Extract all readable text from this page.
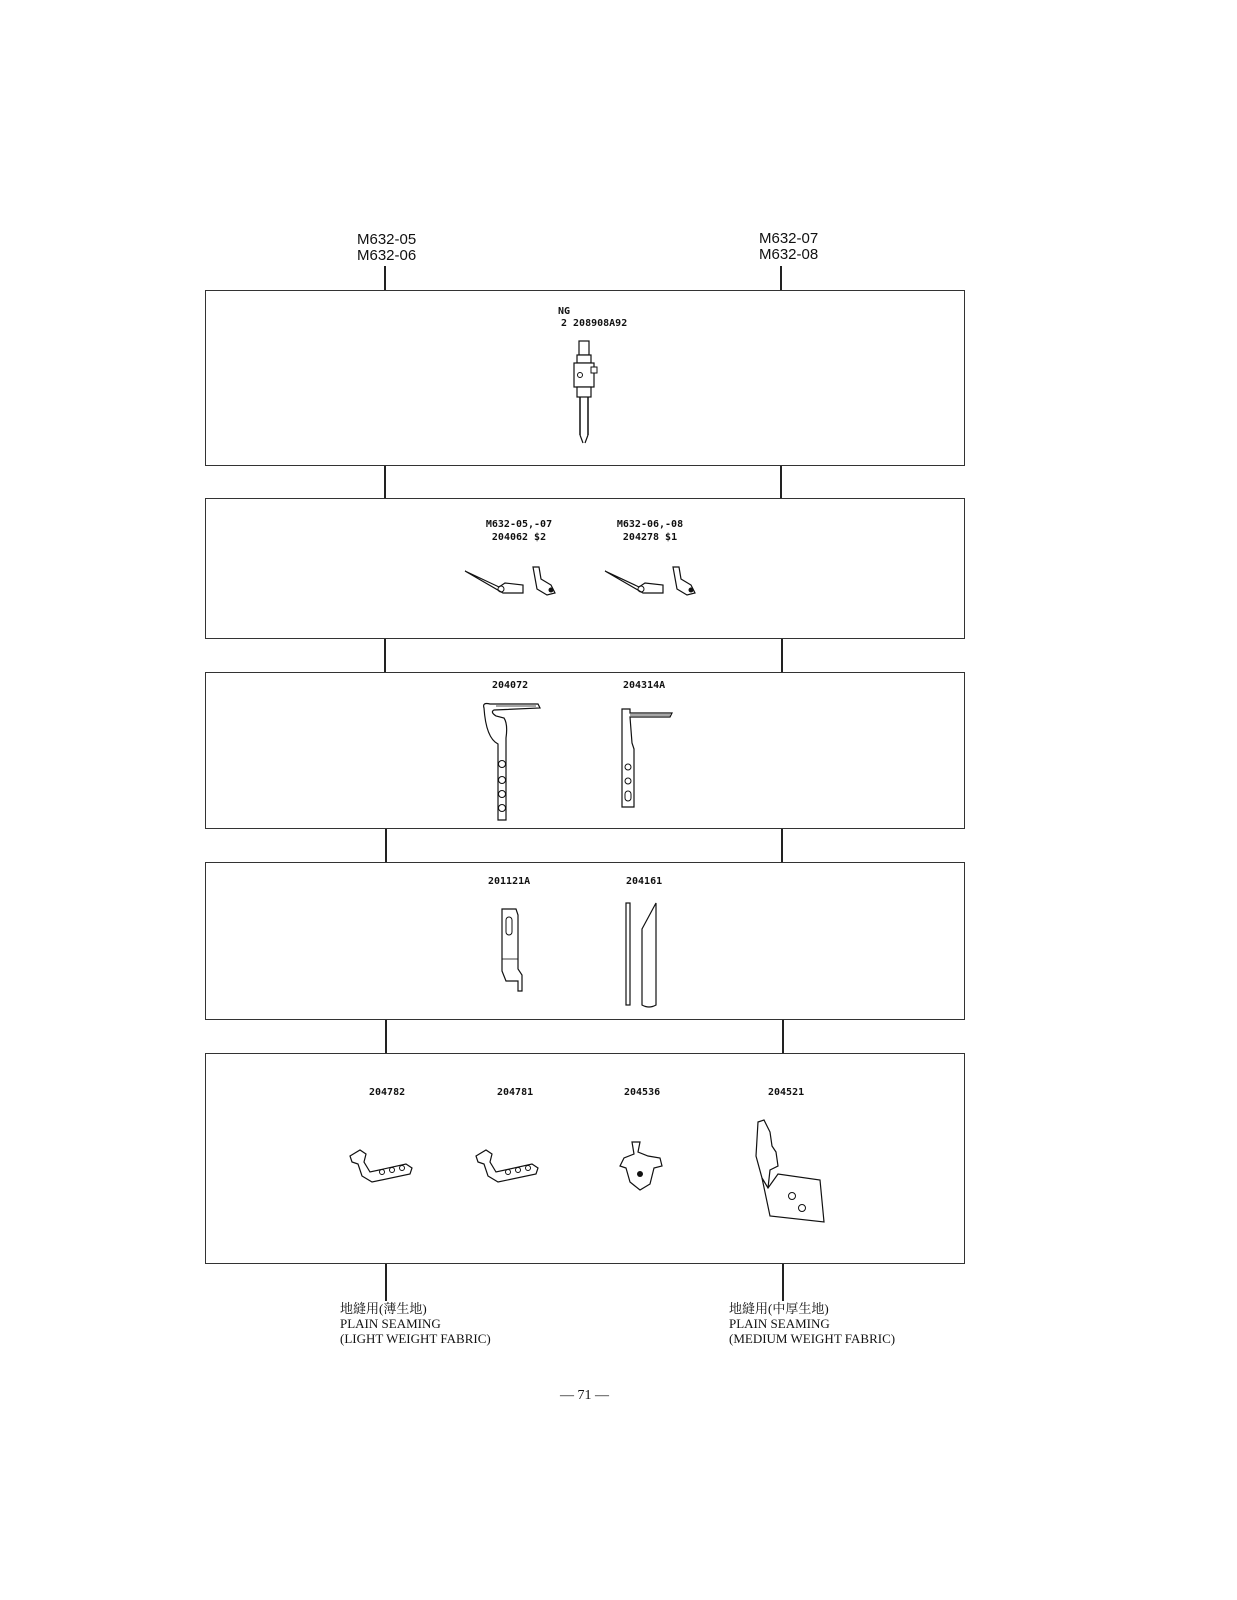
M632-05
M632-06
M632-07
M632-08
NG
2 208908A92
M632-05,-07
204062 $2
M632-06,-08
204278 $1
204072	204314A
201121A	204161
204782	204781	204536	204521
地縫用(薄生地)
PLAIN SEAMING
(LIGHT WEIGHT FABRIC)
地縫用(中厚生地)
PLAIN SEAMING
(MEDIUM WEIGHT FABRIC)
— 71 —
